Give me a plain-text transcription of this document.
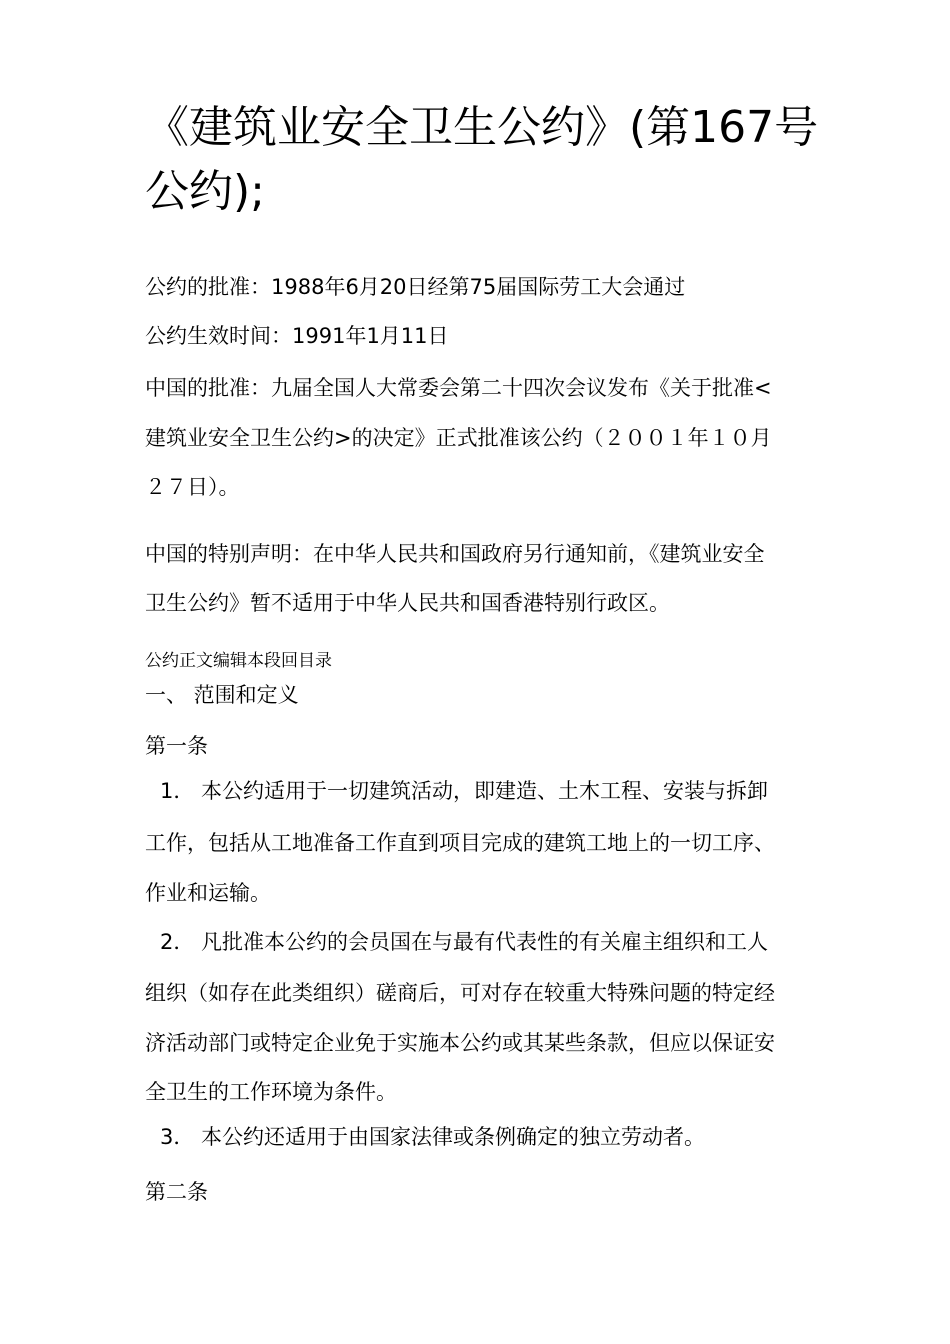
《建筑业安全卫生公约》(第167号公约);

公约的批准：1988年6月20日经第75届国际劳工大会通过

公约生效时间：1991年1月11日

中国的批准：九届全国人大常委会第二十四次会议发布《关于批准<

建筑业安全卫生公约>的决定》正式批准该公约（２００１年１０月

２７日）。

中国的特别声明：在中华人民共和国政府另行通知前，《建筑业安全

卫生公约》暂不适用于中华人民共和国香港特别行政区。

公约正文编辑本段回目录

一、 范围和定义

第一条

1． 本公约适用于一切建筑活动，即建造、土木工程、安装与拆卸

工作，包括从工地准备工作直到项目完成的建筑工地上的一切工序、

作业和运输。

2． 凡批准本公约的会员国在与最有代表性的有关雇主组织和工人

组织（如存在此类组织）磋商后，可对存在较重大特殊问题的特定经

济活动部门或特定企业免于实施本公约或其某些条款，但应以保证安

全卫生的工作环境为条件。

3． 本公约还适用于由国家法律或条例确定的独立劳动者。

第二条
